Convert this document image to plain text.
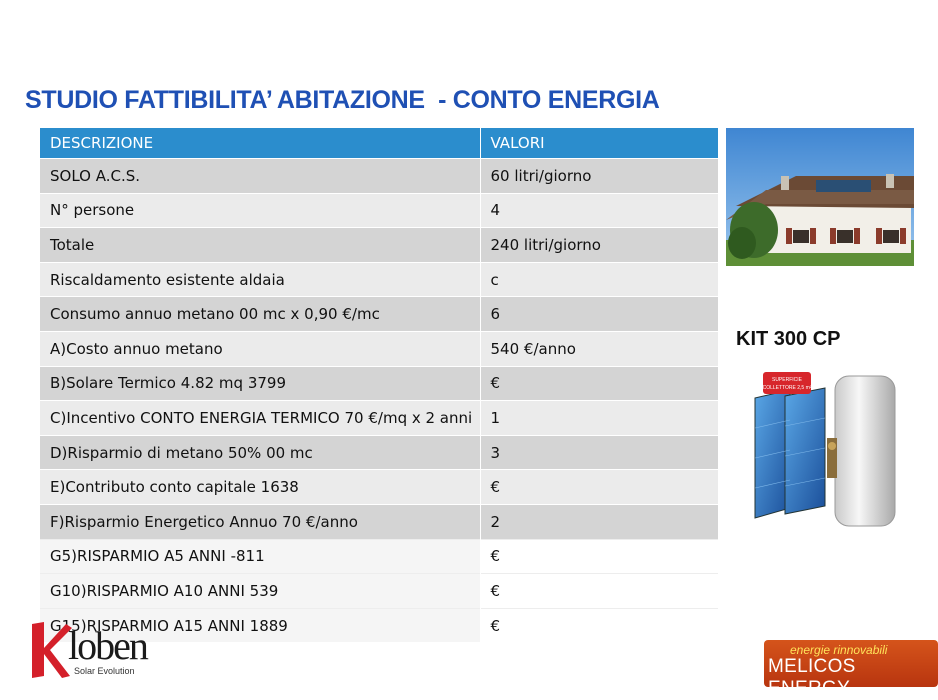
STUDIO FATTIBILITA’ ABITAZIONE  - CONTO ENERGIA
DESCRIZIONE	VALORI
SOLO A.C.S.	60 litri/giorno
N° persone	4
Totale	240 litri/giorno
Riscaldamento esistente aldaia	c
Consumo annuo metano 00 mc x 0,90 €/mc	6
A)Costo annuo metano	540 €/anno
B)Solare Termico 4.82 mq 3799	€
C)Incentivo CONTO ENERGIA TERMICO 70 €/mq x 2 anni	1
D)Risparmio di metano 50% 00 mc	3
E)Contributo conto capitale 1638	€
F)Risparmio Energetico Annuo 70 €/anno	2
G5)RISPARMIO A5 ANNI -811	€
G10)RISPARMIO A10 ANNI 539	€
G15)RISPARMIO A15 ANNI 1889	€
KIT 300 CP
SUPERFICIE
COLLETTORE 2,5 m²

loben

Solar Evolution

energie rinnovabili

MELICOS ENERGY
